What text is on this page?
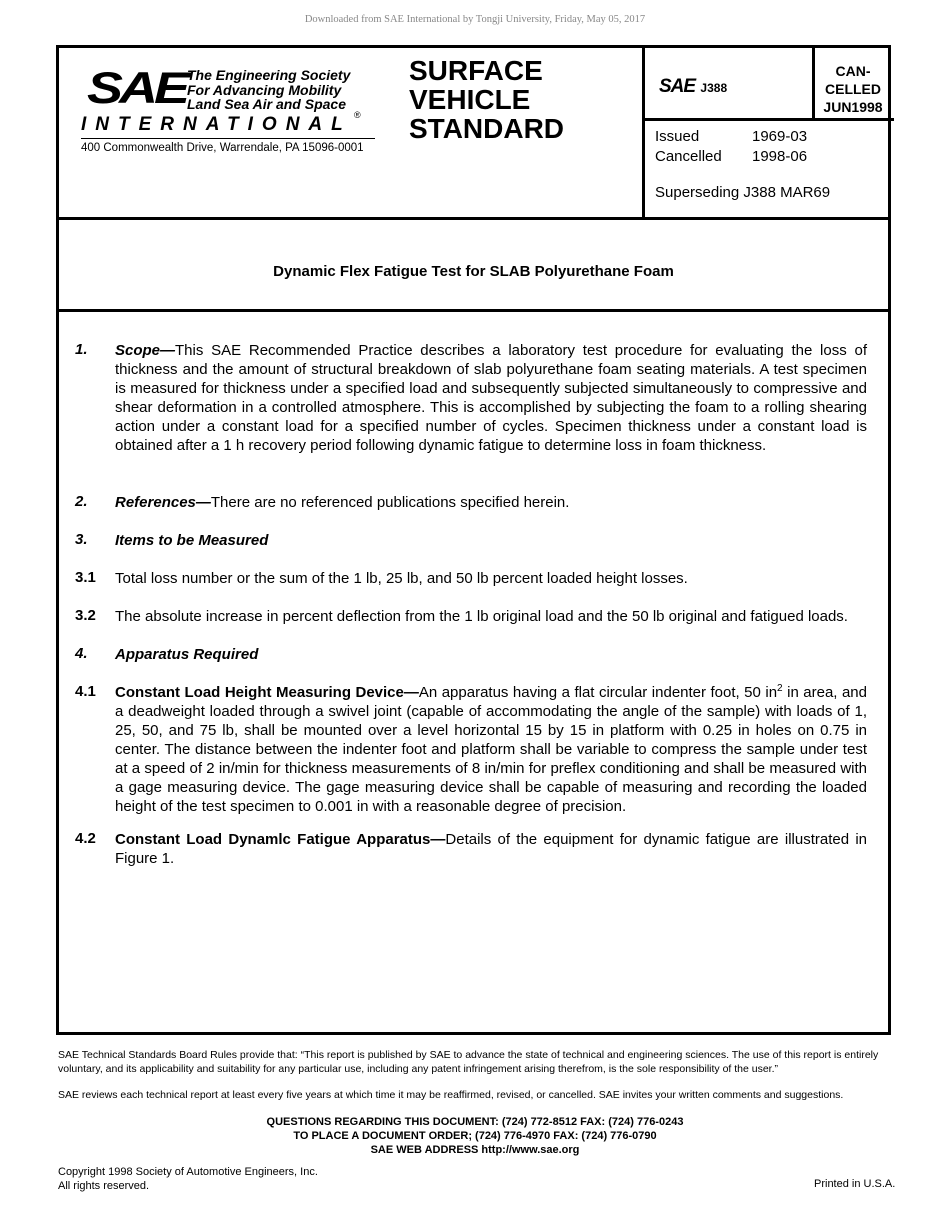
Downloaded from SAE International by Tongji University, Friday, May 05, 2017
SAE The Engineering Society
For Advancing Mobility
Land Sea Air and Space
®
INTERNATIONAL
400 Commonwealth Drive, Warrendale, PA 15096-0001
SURFACE
VEHICLE
STANDARD
SAE J388
CAN-
CELLED
JUN1998
Issued	1969-03
Cancelled 1998-06
Superseding J388 MAR69
Dynamic Flex Fatigue Test for SLAB Polyurethane Foam
1. Scope—This SAE Recommended Practice describes a laboratory test procedure for evaluating the loss of thickness and the amount of structural breakdown of slab polyurethane foam seating materials. A test specimen is measured for thickness under a specified load and subsequently subjected simultaneously to compressive and shear deformation in a controlled atmosphere. This is accomplished by subjecting the foam to a rolling shearing action under a constant load for a specified number of cycles. Specimen thickness under a constant load is obtained after a 1 h recovery period following dynamic fatigue to determine loss in foam thickness.
2. References—There are no referenced publications specified herein.
3. Items to be Measured
3.1 Total loss number or the sum of the 1 lb, 25 lb, and 50 lb percent loaded height losses.
3.2 The absolute increase in percent deflection from the 1 lb original load and the 50 lb original and fatigued loads.
4. Apparatus Required
4.1 Constant Load Height Measuring Device—An apparatus having a flat circular indenter foot, 50 $in^2$ in area, and a deadweight loaded through a swivel joint (capable of accommodating the angle of the sample) with loads of 1, 25, 50, and 75 lb, shall be mounted over a level horizontal 15 by 15 in platform with 0.25 in holes on 0.75 in center. The distance between the indenter foot and platform shall be variable to compress the sample under test at a speed of 2 in/min for thickness measurements of 8 in/min for preflex conditioning and shall be measured with a gage measuring device. The gage measuring device shall be capable of measuring and recording the loaded height of the test specimen to 0.001 in with a reasonable degree of precision.
4.2 Constant Load Dynamlc Fatigue Apparatus—Details of the equipment for dynamic fatigue are illustrated in Figure 1.
SAE Technical Standards Board Rules provide that: “This report is published by SAE to advance the state of technical and engineering sciences. The use of this report is entirely voluntary, and its applicability and suitability for any particular use, including any patent infringement arising therefrom, is the sole responsibility of the user.”
SAE reviews each technical report at least every five years at which time it may be reaffirmed, revised, or cancelled. SAE invites your written comments and suggestions.
QUESTIONS REGARDING THIS DOCUMENT: (724) 772-8512 FAX: (724) 776-0243
TO PLACE A DOCUMENT ORDER; (724) 776-4970 FAX: (724) 776-0790
SAE WEB ADDRESS http://www.sae.org
Copyright 1998 Society of Automotive Engineers, Inc.
All rights reserved.	Printed in U.S.A.
